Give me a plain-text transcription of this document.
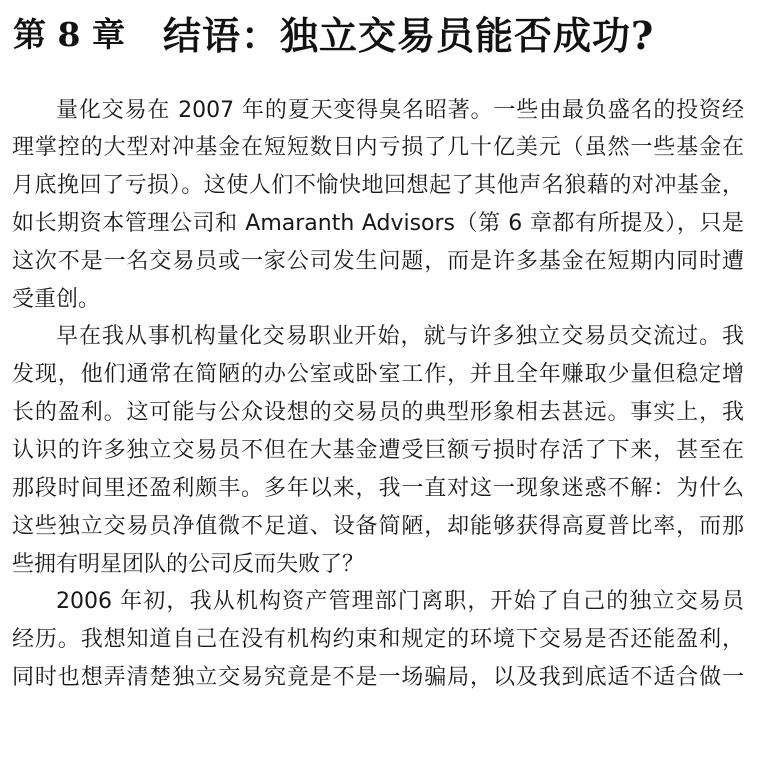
第 8 章 结语：独立交易员能否成功?
量化交易在 2007 年的夏天变得臭名昭著。一些由最负盛名的投资经
理掌控的大型对冲基金在短短数日内亏损了几十亿美元（虽然一些基金在
月底挽回了亏损）。这使人们不愉快地回想起了其他声名狼藉的对冲基金，
如长期资本管理公司和 Amaranth Advisors（第 6 章都有所提及），只是
这次不是一名交易员或一家公司发生问题，而是许多基金在短期内同时遭
受重创。
早在我从事机构量化交易职业开始，就与许多独立交易员交流过。我
发现，他们通常在简陋的办公室或卧室工作，并且全年赚取少量但稳定增
长的盈利。这可能与公众设想的交易员的典型形象相去甚远。事实上，我
认识的许多独立交易员不但在大基金遭受巨额亏损时存活了下来，甚至在
那段时间里还盈利颇丰。多年以来，我一直对这一现象迷惑不解：为什么
这些独立交易员净值微不足道、设备简陋，却能够获得高夏普比率，而那
些拥有明星团队的公司反而失败了？
2006 年初，我从机构资产管理部门离职，开始了自己的独立交易员
经历。我想知道自己在没有机构约束和规定的环境下交易是否还能盈利，
同时也想弄清楚独立交易究竟是不是一场骗局，以及我到底适不适合做一
